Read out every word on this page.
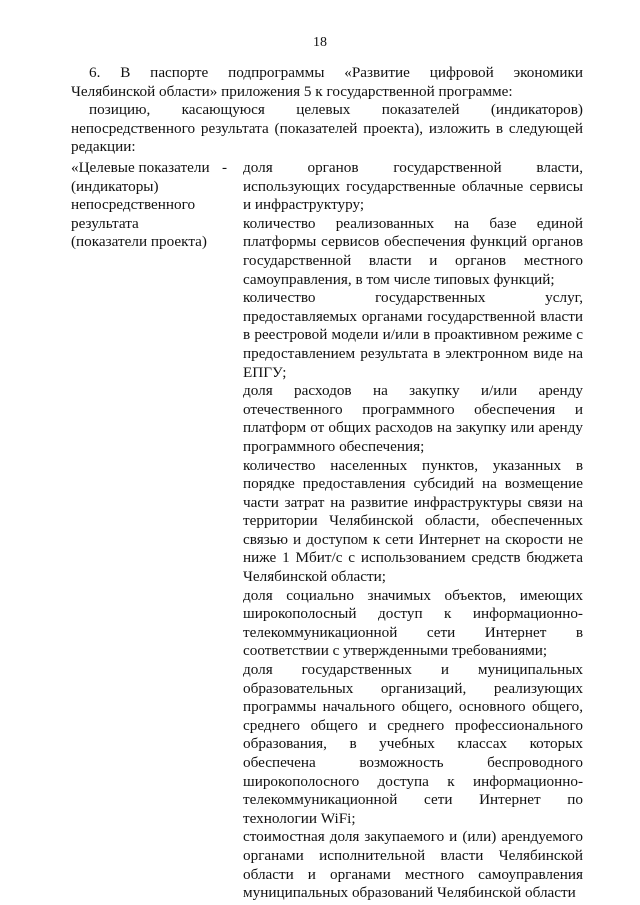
18

6. В паспорте подпрограммы «Развитие цифровой экономики

Челябинской области» приложения 5 к государственной программе:

позицию, касающуюся целевых показателей (индикаторов)

непосредственного результата (показателей проекта), изложить в следующей

редакции:

«Целевые показатели

(индикаторы)

непосредственного

результата

(показатели проекта)

- доля органов государственной власти, использующих государственные облачные сервисы и инфраструктуру;

количество реализованных на базе единой платформы сервисов обеспечения функций органов государственной власти и органов местного самоуправления, в том числе типовых функций;

количество государственных услуг, предоставляемых органами государственной власти в реестровой модели и/или в проактивном режиме с предоставлением результата в электронном виде на ЕПГУ;

доля расходов на закупку и/или аренду отечественного программного обеспечения и платформ от общих расходов на закупку или аренду программного обеспечения;

количество населенных пунктов, указанных в порядке предоставления субсидий на возмещение части затрат на развитие инфраструктуры связи на территории Челябинской области, обеспеченных связью и доступом к сети Интернет на скорости не ниже 1 Мбит/с с использованием средств бюджета Челябинской области;

доля социально значимых объектов, имеющих широкополосный доступ к информационно-телекоммуникационной сети Интернет в соответствии с утвержденными требованиями;

доля государственных и муниципальных образовательных организаций, реализующих программы начального общего, основного общего, среднего общего и среднего профессионального образования, в учебных классах которых обеспечена возможность беспроводного широкополосного доступа к информационно-телекоммуникационной сети Интернет по технологии WiFi;

стоимостная доля закупаемого и (или) арендуемого органами исполнительной власти Челябинской области и органами местного самоуправления муниципальных образований Челябинской области
